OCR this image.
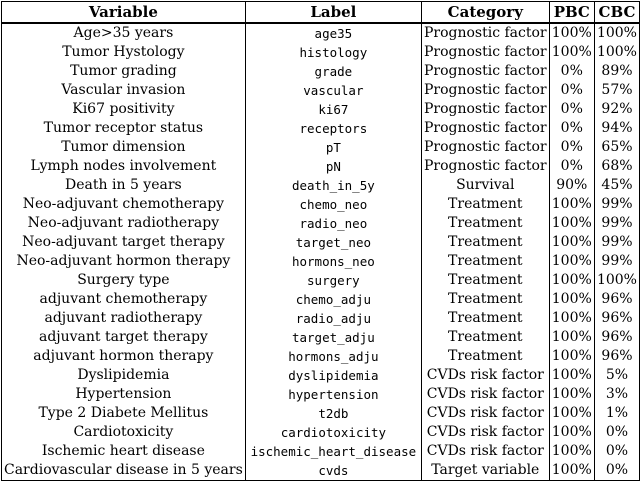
Variable	Label	Category	PBC	CBC
Age>35 years	age35	Prognostic factor	100%	100%
Tumor Hystology	histology	Prognostic factor	100%	100%
Tumor grading	grade	Prognostic factor	0%	89%
Vascular invasion	vascular	Prognostic factor	0%	57%
Ki67 positivity	ki67	Prognostic factor	0%	92%
Tumor receptor status	receptors	Prognostic factor	0%	94%
Tumor dimension	pT	Prognostic factor	0%	65%
Lymph nodes involvement	pN	Prognostic factor	0%	68%
Death in 5 years	death_in_5y	Survival	90%	45%
Neo-adjuvant chemotherapy	chemo_neo	Treatment	100%	99%
Neo-adjuvant radiotherapy	radio_neo	Treatment	100%	99%
Neo-adjuvant target therapy	target_neo	Treatment	100%	99%
Neo-adjuvant hormon therapy	hormons_neo	Treatment	100%	99%
Surgery type	surgery	Treatment	100%	100%
adjuvant chemotherapy	chemo_adju	Treatment	100%	96%
adjuvant radiotherapy	radio_adju	Treatment	100%	96%
adjuvant target therapy	target_adju	Treatment	100%	96%
adjuvant hormon therapy	hormons_adju	Treatment	100%	96%
Dyslipidemia	dyslipidemia	CVDs risk factor	100%	5%
Hypertension	hypertension	CVDs risk factor	100%	3%
Type 2 Diabete Mellitus	t2db	CVDs risk factor	100%	1%
Cardiotoxicity	cardiotoxicity	CVDs risk factor	100%	0%
Ischemic heart disease	ischemic_heart_disease	CVDs risk factor	100%	0%
Cardiovascular disease in 5 years	cvds	Target variable	100%	0%
